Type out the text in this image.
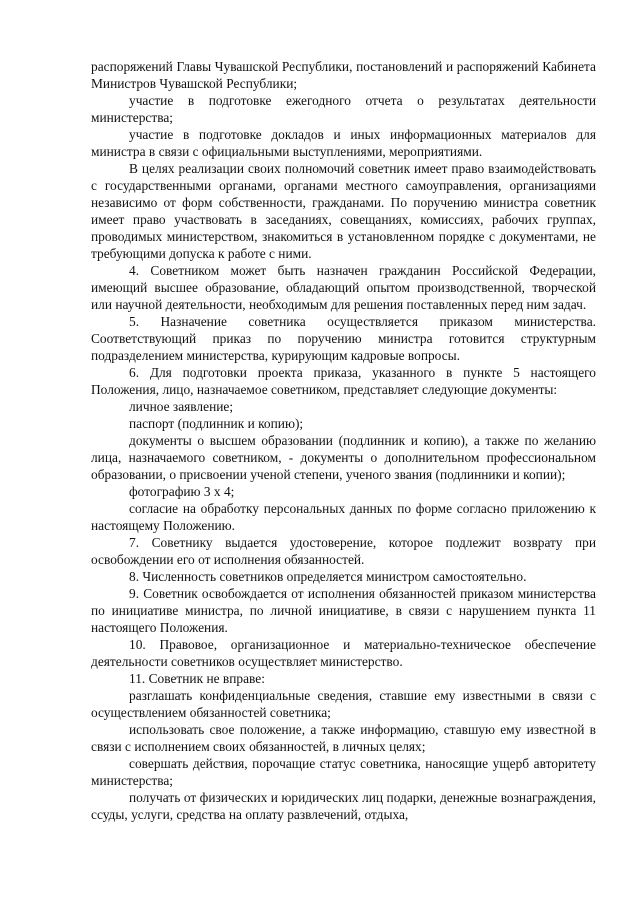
распоряжений Главы Чувашской Республики, постановлений и распоряжений Кабинета Министров Чувашской Республики;

участие в подготовке ежегодного отчета о результатах деятельности министерства;

участие в подготовке докладов и иных информационных материалов для министра в связи с официальными выступлениями, мероприятиями.

В целях реализации своих полномочий советник имеет право взаимодействовать с государственными органами, органами местного самоуправления, организациями независимо от форм собственности, гражданами. По поручению министра советник имеет право участвовать в заседаниях, совещаниях, комиссиях, рабочих группах, проводимых министерством, знакомиться в установленном порядке с документами, не требующими допуска к работе с ними.

4. Советником может быть назначен гражданин Российской Федерации, имеющий высшее образование, обладающий опытом производственной, творческой или научной деятельности, необходимым для решения поставленных перед ним задач.

5. Назначение советника осуществляется приказом министерства. Соответствующий приказ по поручению министра готовится структурным подразделением министерства, курирующим кадровые вопросы.

6. Для подготовки проекта приказа, указанного в пункте 5 настоящего Положения, лицо, назначаемое советником, представляет следующие документы:

личное заявление;

паспорт (подлинник и копию);

документы о высшем образовании (подлинник и копию), а также по желанию лица, назначаемого советником, - документы о дополнительном профессиональном образовании, о присвоении ученой степени, ученого звания (подлинники и копии);

фотографию 3 х 4;

согласие на обработку персональных данных по форме согласно приложению к настоящему Положению.

7. Советнику выдается удостоверение, которое подлежит возврату при освобождении его от исполнения обязанностей.

8. Численность советников определяется министром самостоятельно.

9. Советник освобождается от исполнения обязанностей приказом министерства по инициативе министра, по личной инициативе, в связи с нарушением пункта 11 настоящего Положения.

10. Правовое, организационное и материально-техническое обеспечение деятельности советников осуществляет министерство.

11. Советник не вправе:

разглашать конфиденциальные сведения, ставшие ему известными в связи с осуществлением обязанностей советника;

использовать свое положение, а также информацию, ставшую ему известной в связи с исполнением своих обязанностей, в личных целях;

совершать действия, порочащие статус советника, наносящие ущерб авторитету министерства;

получать от физических и юридических лиц подарки, денежные вознаграждения, ссуды, услуги, средства на оплату развлечений, отдыха,
